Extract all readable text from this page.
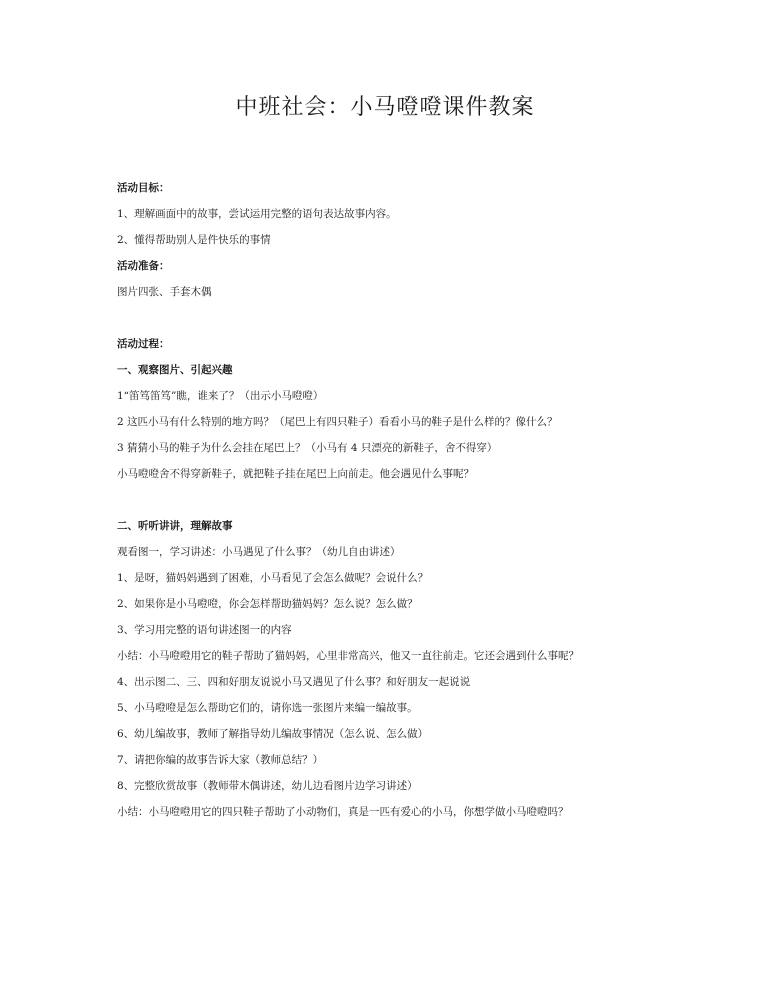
中班社会：小马噔噔课件教案

活动目标：

1、理解画面中的故事，尝试运用完整的语句表达故事内容。

2、懂得帮助别人是件快乐的事情

活动准备：

图片四张、手套木偶

活动过程：

一、观察图片、引起兴趣

1“笛笃笛笃”瞧，谁来了？（出示小马噔噔）

2 这匹小马有什么特别的地方吗？（尾巴上有四只鞋子）看看小马的鞋子是什么样的？像什么？

3 猜猜小马的鞋子为什么会挂在尾巴上？（小马有 4 只漂亮的新鞋子，舍不得穿）

小马噔噔舍不得穿新鞋子，就把鞋子挂在尾巴上向前走。他会遇见什么事呢？

二、听听讲讲，理解故事

观看图一，学习讲述：小马遇见了什么事？（幼儿自由讲述）

1、是呀，猫妈妈遇到了困难，小马看见了会怎么做呢？会说什么？

2、如果你是小马噔噔，你会怎样帮助猫妈妈？怎么说？怎么做？

3、学习用完整的语句讲述图一的内容

小结：小马噔噔用它的鞋子帮助了猫妈妈，心里非常高兴，他又一直往前走。它还会遇到什么事呢？

4、出示图二、三、四和好朋友说说小马又遇见了什么事？和好朋友一起说说

5、小马噔噔是怎么帮助它们的，请你选一张图片来编一编故事。

6、幼儿编故事，教师了解指导幼儿编故事情况（怎么说、怎么做）

7、请把你编的故事告诉大家（教师总结？）

8、完整欣赏故事（教师带木偶讲述，幼儿边看图片边学习讲述）

小结：小马噔噔用它的四只鞋子帮助了小动物们，真是一匹有爱心的小马，你想学做小马噔噔吗？
